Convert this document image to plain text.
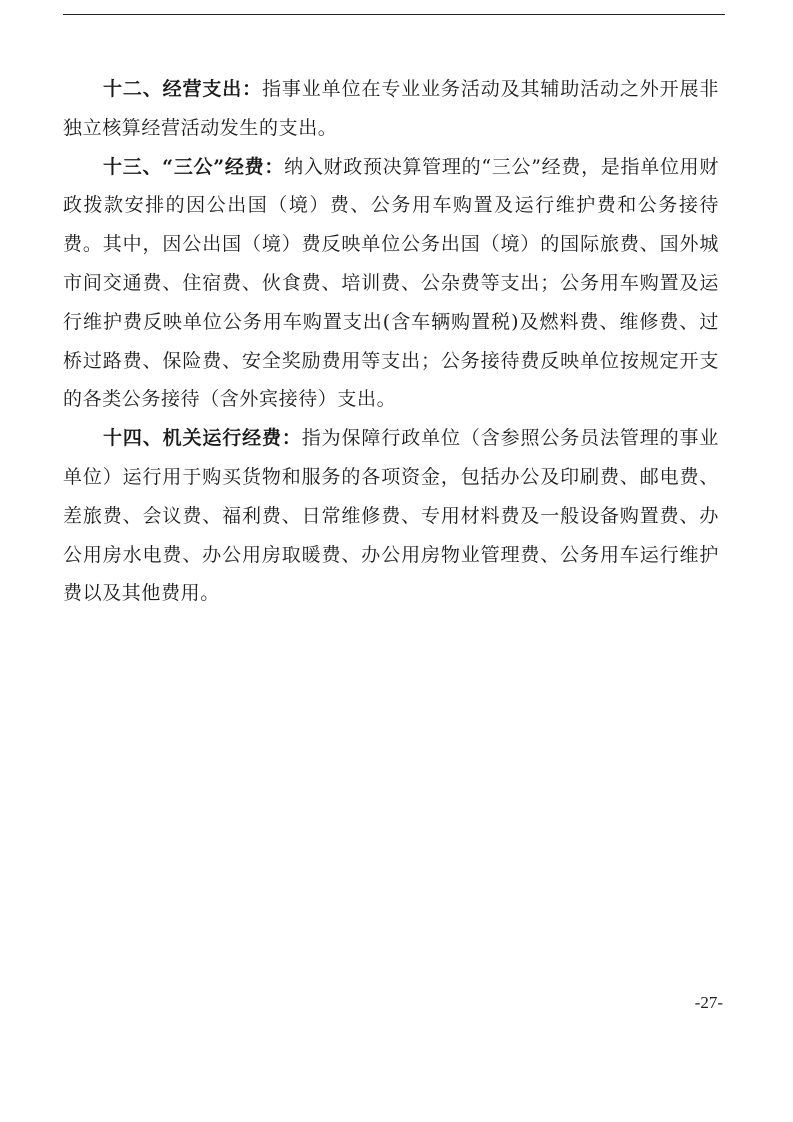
十二、经营支出：指事业单位在专业业务活动及其辅助活动之外开展非独立核算经营活动发生的支出。

十三、“三公”经费：纳入财政预决算管理的“三公”经费，是指单位用财政拨款安排的因公出国（境）费、公务用车购置及运行维护费和公务接待费。其中，因公出国（境）费反映单位公务出国（境）的国际旅费、国外城市间交通费、住宿费、伙食费、培训费、公杂费等支出；公务用车购置及运行维护费反映单位公务用车购置支出(含车辆购置税)及燃料费、维修费、过桥过路费、保险费、安全奖励费用等支出；公务接待费反映单位按规定开支的各类公务接待（含外宾接待）支出。

十四、机关运行经费：指为保障行政单位（含参照公务员法管理的事业单位）运行用于购买货物和服务的各项资金，包括办公及印刷费、邮电费、差旅费、会议费、福利费、日常维修费、专用材料费及一般设备购置费、办公用房水电费、办公用房取暖费、办公用房物业管理费、公务用车运行维护费以及其他费用。

-27-
